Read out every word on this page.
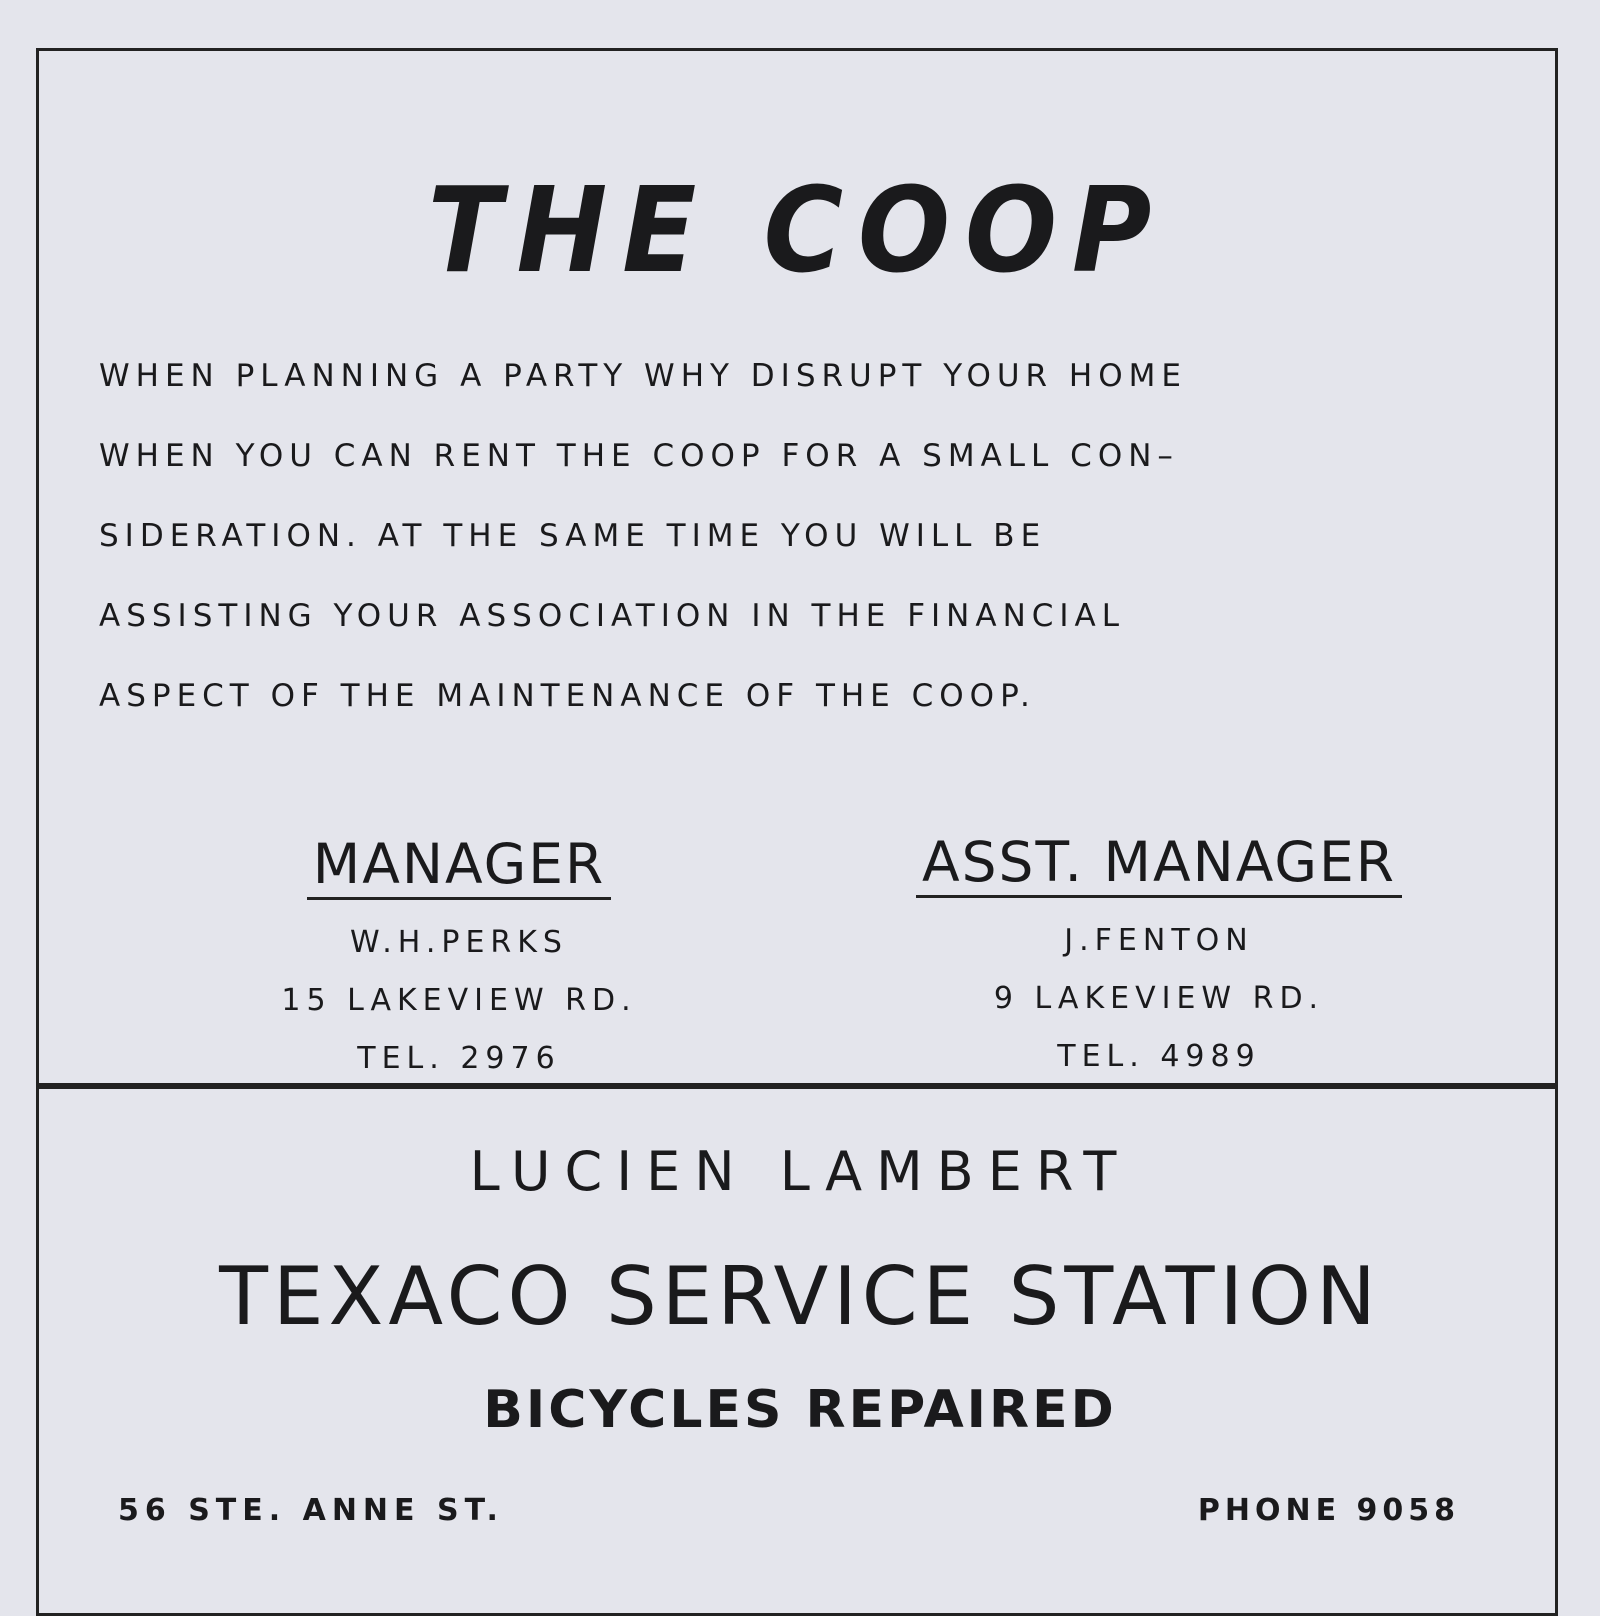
THE COOP
WHEN PLANNING A PARTY WHY DISRUPT YOUR HOME
WHEN YOU CAN RENT THE COOP FOR A SMALL CON–
SIDERATION. AT THE SAME TIME YOU WILL BE
ASSISTING YOUR ASSOCIATION IN THE FINANCIAL
ASPECT OF THE MAINTENANCE OF THE COOP.
MANAGER
W.H.PERKS
15 LAKEVIEW RD.
TEL. 2976
ASST. MANAGER
J.FENTON
9 LAKEVIEW RD.
TEL. 4989
LUCIEN LAMBERT
TEXACO SERVICE STATION
BICYCLES REPAIRED
56 STE. ANNE ST.	PHONE 9058
